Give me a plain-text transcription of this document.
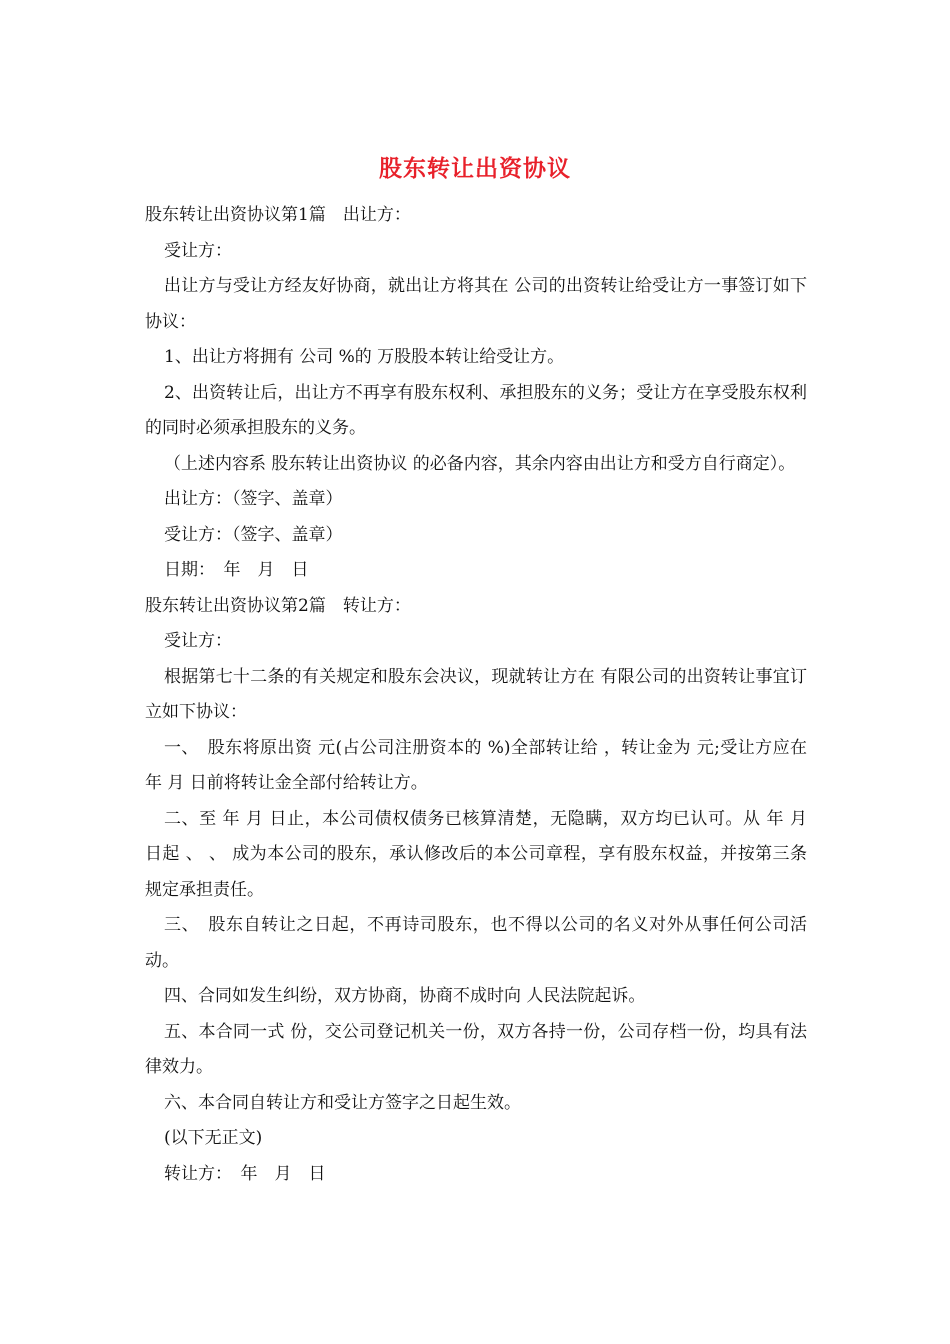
股东转让出资协议

股东转让出资协议第1篇　出让方：

受让方：

出让方与受让方经友好协商，就出让方将其在 公司的出资转让给受让方一事签订如下协议：

1、出让方将拥有 公司 %的 万股股本转让给受让方。

2、出资转让后，出让方不再享有股东权利、承担股东的义务；受让方在享受股东权利的同时必须承担股东的义务。

（上述内容系 股东转让出资协议 的必备内容，其余内容由出让方和受方自行商定）。

出让方：（签字、盖章）

受让方：（签字、盖章）

日期：　年　月　日

股东转让出资协议第2篇　转让方：

受让方：

根据第七十二条的有关规定和股东会决议，现就转让方在 有限公司的出资转让事宜订立如下协议：

一、　股东将原出资 元(占公司注册资本的 %)全部转让给 ，转让金为 元;受让方应在 年 月 日前将转让金全部付给转让方。

二、至 年 月 日止，本公司债权债务已核算清楚，无隐瞒，双方均已认可。从 年 月 日起 、 、 成为本公司的股东，承认修改后的本公司章程，享有股东权益，并按第三条规定承担责任。

三、　股东自转让之日起，不再诗司股东，也不得以公司的名义对外从事任何公司活动。

四、合同如发生纠纷，双方协商，协商不成时向 人民法院起诉。

五、本合同一式 份，交公司登记机关一份，双方各持一份，公司存档一份，均具有法律效力。

六、本合同自转让方和受让方签字之日起生效。

(以下无正文)

转让方：　年　月　日
